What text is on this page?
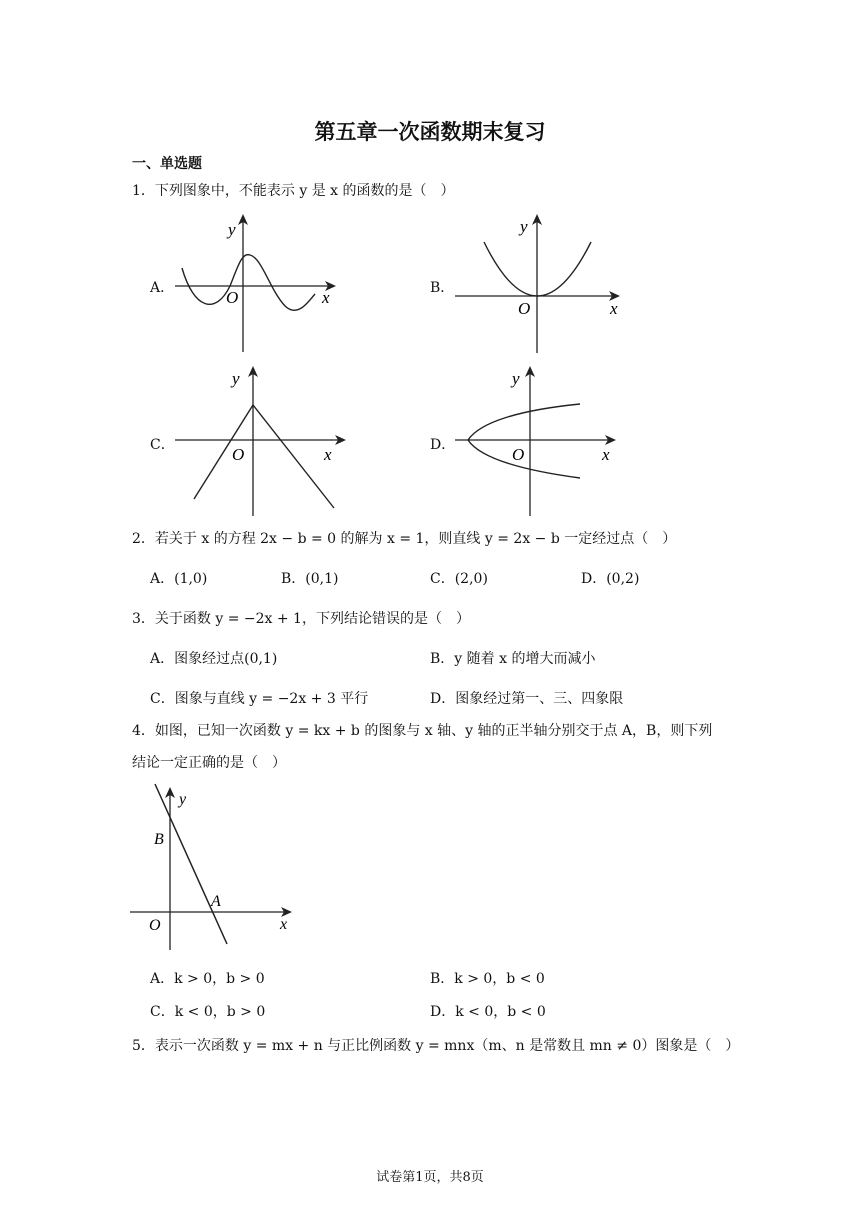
第五章一次函数期末复习
一、单选题
1．下列图象中，不能表示 y 是 x 的函数的是（　）
A．
y
x
O	B．
y
x
O
C．
y
x
O	D．
y
x
O
2．若关于 x 的方程 2x − b = 0 的解为 x = 1，则直线 y = 2x − b 一定经过点（　）
A．(1,0)	B．(0,1)	C．(2,0)	D．(0,2)
3．关于函数 y = −2x + 1，下列结论错误的是（　）
A．图象经过点(0,1)	B．y 随着 x 的增大而减小
C．图象与直线 y = −2x + 3 平行	D．图象经过第一、三、四象限
4．如图，已知一次函数 y = kx + b 的图象与 x 轴、y 轴的正半轴分别交于点 A，B，则下列
结论一定正确的是（　）
y
x
O
A
B
A．k > 0，b > 0	B．k > 0，b < 0
C．k < 0，b > 0	D．k < 0，b < 0
5．表示一次函数 y = mx + n 与正比例函数 y = mnx（m、n 是常数且 mn ≠ 0）图象是（　）
试卷第1页，共8页
